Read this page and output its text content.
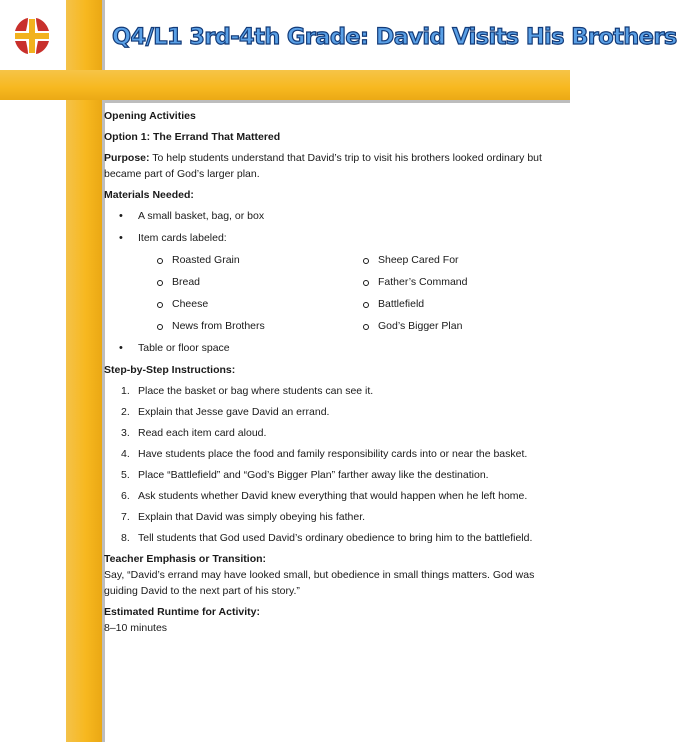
Q4/L1 3rd-4th Grade: David Visits His Brothers
Opening Activities
Option 1: The Errand That Mattered
Purpose: To help students understand that David’s trip to visit his brothers looked ordinary but became part of God’s larger plan.
Materials Needed:
• A small basket, bag, or box
• Item cards labeled:
Roasted Grain	Sheep Cared For
Bread	Father’s Command
Cheese	Battlefield
News from Brothers	God’s Bigger Plan
• Table or floor space
Step-by-Step Instructions:
1. Place the basket or bag where students can see it.
2. Explain that Jesse gave David an errand.
3. Read each item card aloud.
4. Have students place the food and family responsibility cards into or near the basket.
5. Place “Battlefield” and “God’s Bigger Plan” farther away like the destination.
6. Ask students whether David knew everything that would happen when he left home.
7. Explain that David was simply obeying his father.
8. Tell students that God used David’s ordinary obedience to bring him to the battlefield.
Teacher Emphasis or Transition:
Say, “David’s errand may have looked small, but obedience in small things matters. God was guiding David to the next part of his story.”
Estimated Runtime for Activity:
8–10 minutes
